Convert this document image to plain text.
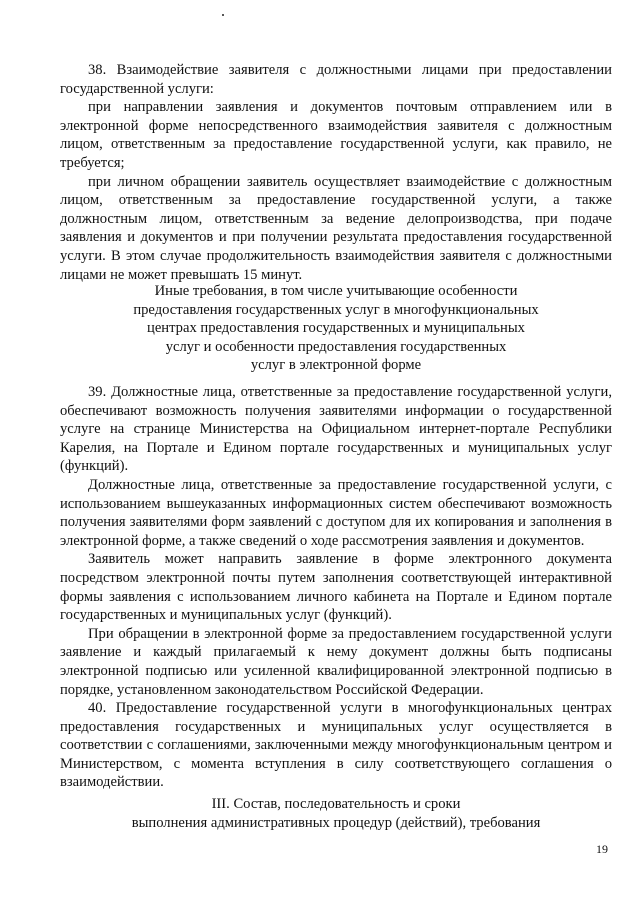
38. Взаимодействие заявителя с должностными лицами при предоставлении государственной услуги:

при направлении заявления и документов почтовым отправлением или в электронной форме непосредственного взаимодействия заявителя с должностным лицом, ответственным за предоставление государственной услуги, как правило, не требуется;

при личном обращении заявитель осуществляет взаимодействие с должностным лицом, ответственным за предоставление государственной услуги, а также должностным лицом, ответственным за ведение делопроизводства, при подаче заявления и документов и при получении результата предоставления государственной услуги. В этом случае продолжительность взаимодействия заявителя с должностными лицами не может превышать 15 минут.

Иные требования, в том числе учитывающие особенности
предоставления государственных услуг в многофункциональных
центрах предоставления государственных и муниципальных
услуг и особенности предоставления государственных
услуг в электронной форме

39. Должностные лица, ответственные за предоставление государственной услуги, обеспечивают возможность получения заявителями информации о государственной услуге на странице Министерства на Официальном интернет-портале Республики Карелия, на Портале и Едином портале государственных и муниципальных услуг (функций).

Должностные лица, ответственные за предоставление государственной услуги, с использованием вышеуказанных информационных систем обеспечивают возможность получения заявителями форм заявлений с доступом для их копирования и заполнения в электронной форме, а также сведений о ходе рассмотрения заявления и документов.

Заявитель может направить заявление в форме электронного документа посредством электронной почты путем заполнения соответствующей интерактивной формы заявления с использованием личного кабинета на Портале и Едином портале государственных и муниципальных услуг (функций).

При обращении в электронной форме за предоставлением государственной услуги заявление и каждый прилагаемый к нему документ должны быть подписаны электронной подписью или усиленной квалифицированной электронной подписью в порядке, установленном законодательством Российской Федерации.

40. Предоставление государственной услуги в многофункциональных центрах предоставления государственных и муниципальных услуг осуществляется в соответствии с соглашениями, заключенными между многофункциональным центром и Министерством, с момента вступления в силу соответствующего соглашения о взаимодействии.

III. Состав, последовательность и сроки
выполнения административных процедур (действий), требования
19
